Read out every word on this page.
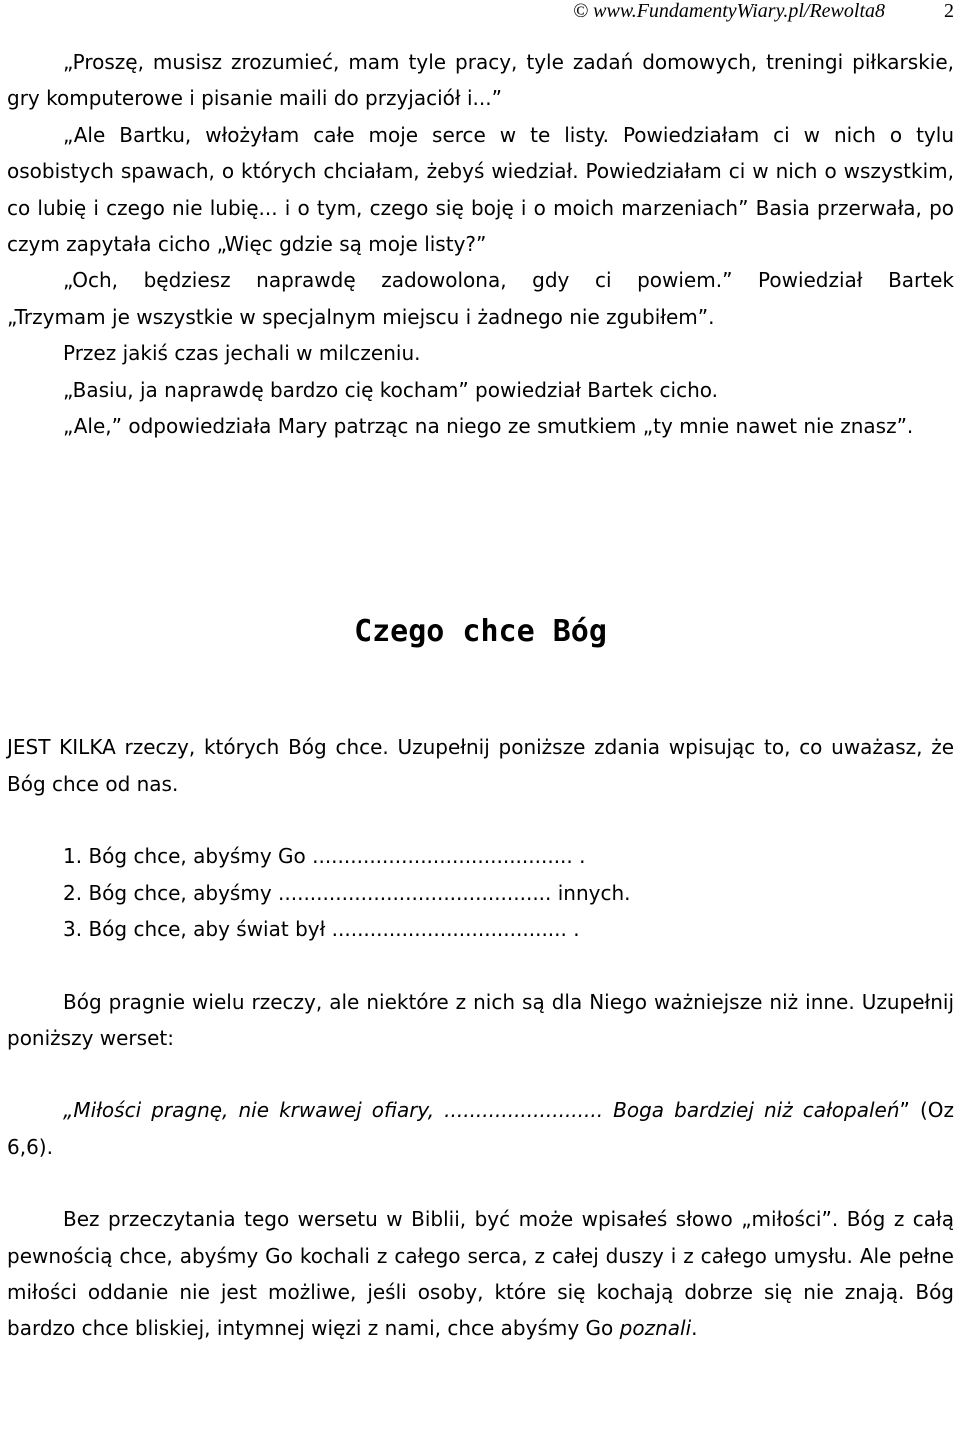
© www.FundamentyWiary.pl/Rewolta8	2

„Proszę, musisz zrozumieć, mam tyle pracy, tyle zadań domowych, treningi piłkarskie, gry komputerowe i pisanie maili do przyjaciół i...”

„Ale Bartku, włożyłam całe moje serce w te listy. Powiedziałam ci w nich o tylu osobistych spawach, o których chciałam, żebyś wiedział. Powiedziałam ci w nich o wszystkim, co lubię i czego nie lubię... i o tym, czego się boję i o moich marzeniach” Basia przerwała, po czym zapytała cicho „Więc gdzie są moje listy?”

„Och, będziesz naprawdę zadowolona, gdy ci powiem.” Powiedział Bartek

„Trzymam je wszystkie w specjalnym miejscu i żadnego nie zgubiłem”.

Przez jakiś czas jechali w milczeniu.

„Basiu, ja naprawdę bardzo cię kocham” powiedział Bartek cicho.

„Ale,” odpowiedziała Mary patrząc na niego ze smutkiem „ty mnie nawet nie znasz”.

Czego chce Bóg

JEST KILKA rzeczy, których Bóg chce. Uzupełnij poniższe zdania wpisując to, co uważasz, że Bóg chce od nas.

1. Bóg chce, abyśmy Go ......................................... .
2. Bóg chce, abyśmy ........................................... innych.
3. Bóg chce, aby świat był ..................................... .

Bóg pragnie wielu rzeczy, ale niektóre z nich są dla Niego ważniejsze niż inne. Uzupełnij poniższy werset:

„Miłości pragnę, nie krwawej ofiary, ......................... Boga bardziej niż całopaleń” (Oz 6,6).

Bez przeczytania tego wersetu w Biblii, być może wpisałeś słowo „miłości”. Bóg z całą pewnością chce, abyśmy Go kochali z całego serca, z całej duszy i z całego umysłu. Ale pełne miłości oddanie nie jest możliwe, jeśli osoby, które się kochają dobrze się nie znają. Bóg bardzo chce bliskiej, intymnej więzi z nami, chce abyśmy Go poznali.
